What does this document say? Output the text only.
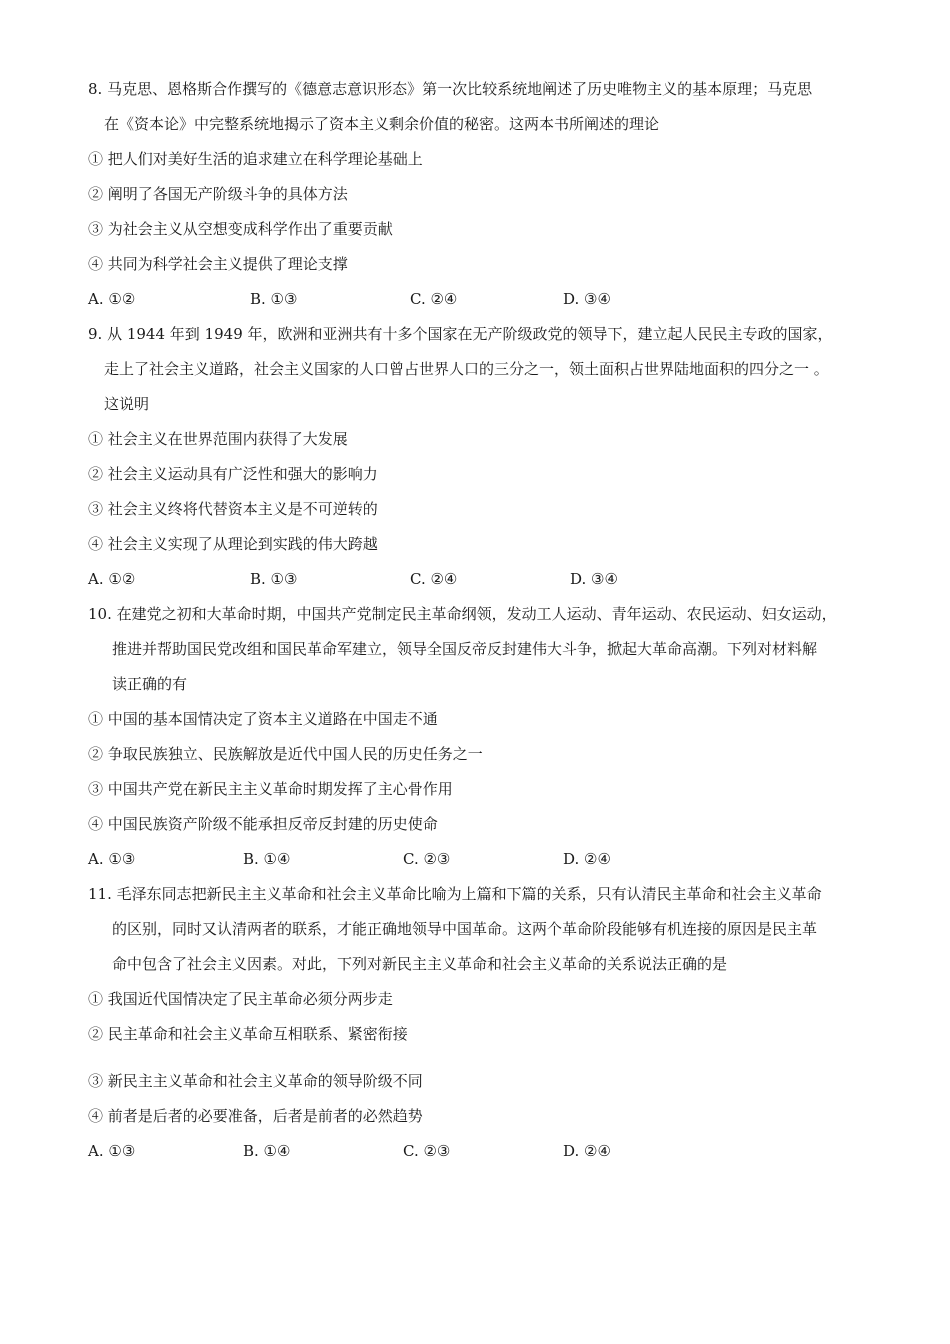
8. 马克思、恩格斯合作撰写的《德意志意识形态》第一次比较系统地阐述了历史唯物主义的基本原理；马克思
在《资本论》中完整系统地揭示了资本主义剩余价值的秘密。这两本书所阐述的理论
① 把人们对美好生活的追求建立在科学理论基础上
② 阐明了各国无产阶级斗争的具体方法
③ 为社会主义从空想变成科学作出了重要贡献
④ 共同为科学社会主义提供了理论支撑
A. ①②	B. ①③	C. ②④	D. ③④
9. 从 1944 年到 1949 年，欧洲和亚洲共有十多个国家在无产阶级政党的领导下，建立起人民民主专政的国家，
走上了社会主义道路，社会主义国家的人口曾占世界人口的三分之一，领土面积占世界陆地面积的四分之一 。
这说明
① 社会主义在世界范围内获得了大发展
② 社会主义运动具有广泛性和强大的影响力
③ 社会主义终将代替资本主义是不可逆转的
④ 社会主义实现了从理论到实践的伟大跨越
A. ①②	B. ①③	C. ②④	D. ③④
10. 在建党之初和大革命时期，中国共产党制定民主革命纲领，发动工人运动、青年运动、农民运动、妇女运动，
推进并帮助国民党改组和国民革命军建立，领导全国反帝反封建伟大斗争，掀起大革命高潮。下列对材料解
读正确的有
① 中国的基本国情决定了资本主义道路在中国走不通
② 争取民族独立、民族解放是近代中国人民的历史任务之一
③ 中国共产党在新民主主义革命时期发挥了主心骨作用
④ 中国民族资产阶级不能承担反帝反封建的历史使命
A. ①③	B. ①④	C. ②③	D. ②④
11. 毛泽东同志把新民主主义革命和社会主义革命比喻为上篇和下篇的关系，只有认清民主革命和社会主义革命
的区别，同时又认清两者的联系，才能正确地领导中国革命。这两个革命阶段能够有机连接的原因是民主革
命中包含了社会主义因素。对此，下列对新民主主义革命和社会主义革命的关系说法正确的是
① 我国近代国情决定了民主革命必须分两步走
② 民主革命和社会主义革命互相联系、紧密衔接
③ 新民主主义革命和社会主义革命的领导阶级不同
④ 前者是后者的必要准备，后者是前者的必然趋势
A. ①③	B. ①④	C. ②③	D. ②④
